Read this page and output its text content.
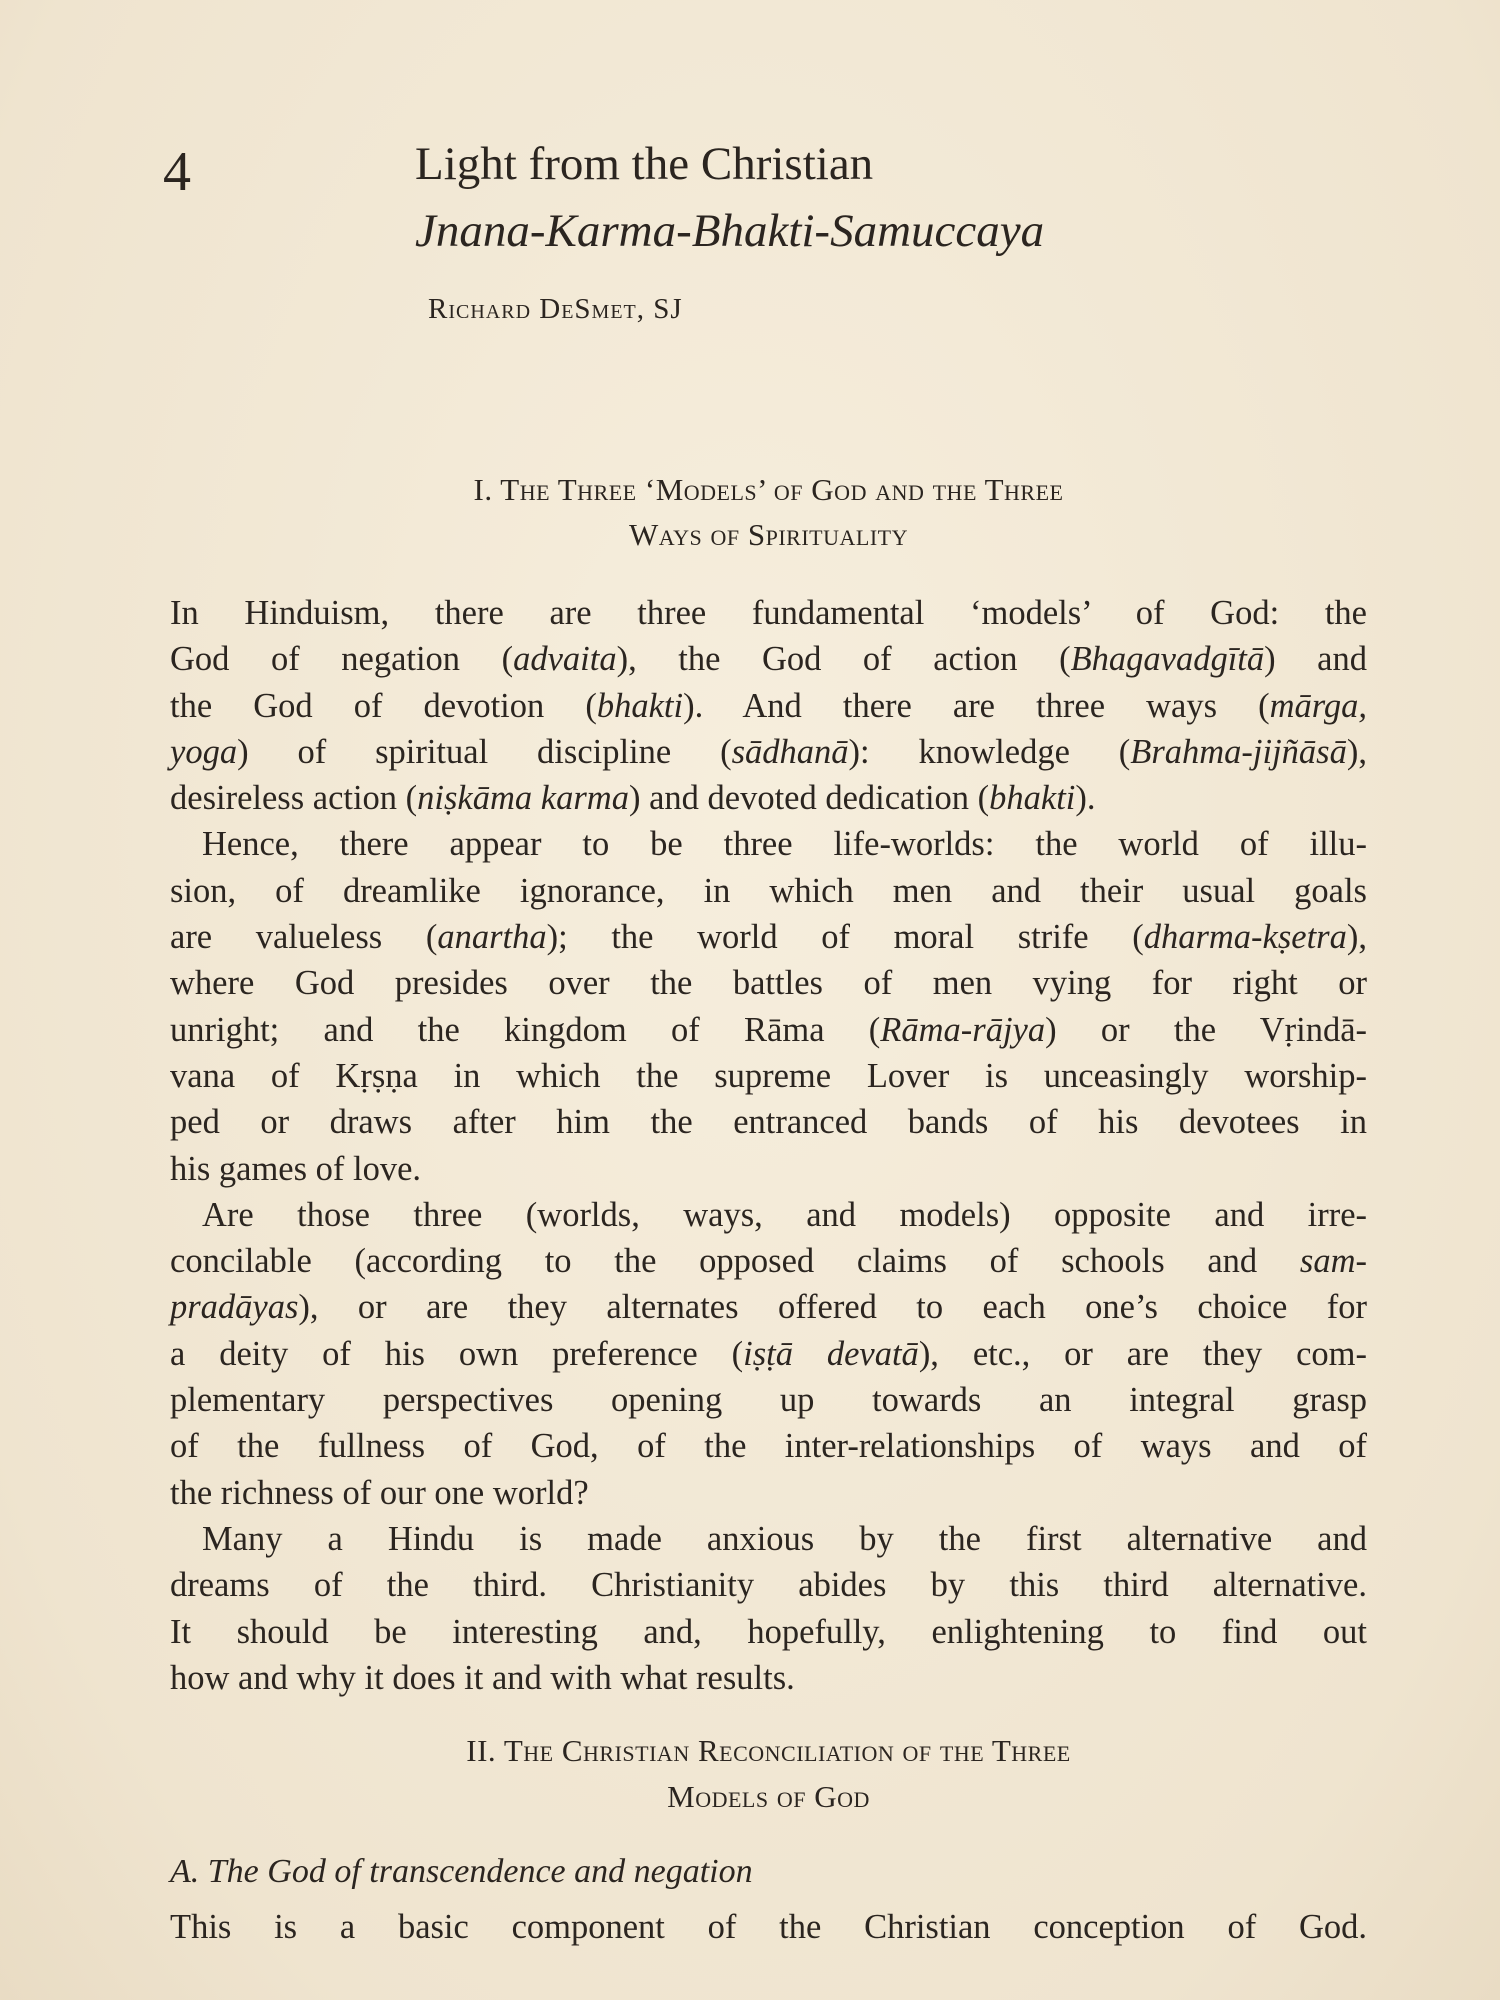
4	Light from the Christian
Jnana-Karma-Bhakti-Samuccaya
Richard DeSmet, SJ
I. The Three ‘Models’ of God and the Three
Ways of Spirituality
In Hinduism, there are three fundamental ‘models’ of God: the
God of negation (advaita), the God of action (Bhagavadgītā) and
the God of devotion (bhakti). And there are three ways (mārga,
yoga) of spiritual discipline (sādhanā): knowledge (Brahma-jijñāsā),
desireless action (niṣkāma karma) and devoted dedication (bhakti).
Hence, there appear to be three life-worlds: the world of illu-
sion, of dreamlike ignorance, in which men and their usual goals
are valueless (anartha); the world of moral strife (dharma-kṣetra),
where God presides over the battles of men vying for right or
unright; and the kingdom of Rāma (Rāma-rājya) or the Vṛindā-
vana of Kṛṣṇa in which the supreme Lover is unceasingly worship-
ped or draws after him the entranced bands of his devotees in
his games of love.
Are those three (worlds, ways, and models) opposite and irre-
concilable (according to the opposed claims of schools and sam-
pradāyas), or are they alternates offered to each one’s choice for
a deity of his own preference (iṣṭā devatā), etc., or are they com-
plementary perspectives opening up towards an integral grasp
of the fullness of God, of the inter-relationships of ways and of
the richness of our one world?
Many a Hindu is made anxious by the first alternative and
dreams of the third. Christianity abides by this third alternative.
It should be interesting and, hopefully, enlightening to find out
how and why it does it and with what results.
II. The Christian Reconciliation of the Three
Models of God
A. The God of transcendence and negation
This is a basic component of the Christian conception of God.
